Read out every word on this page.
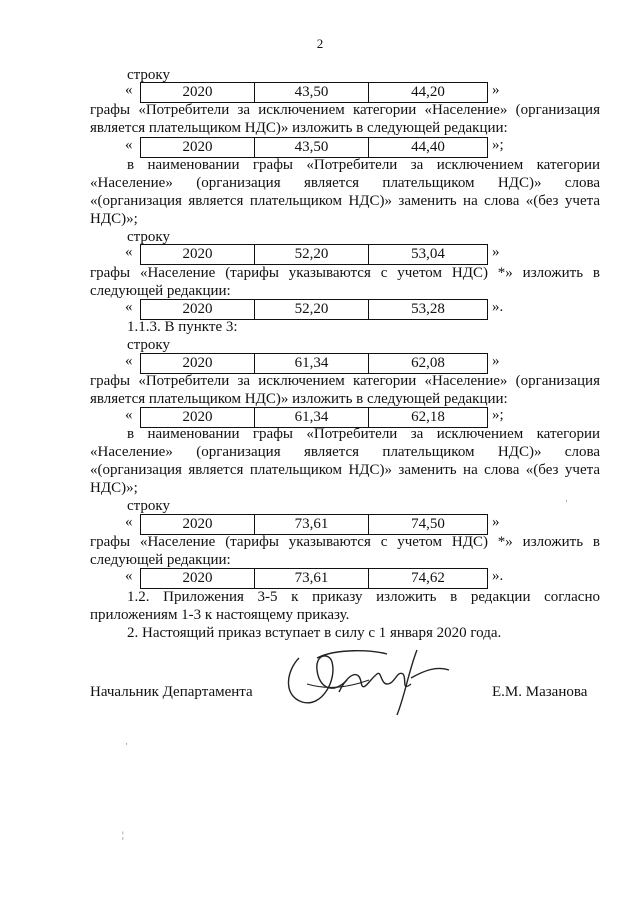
2
строку
«	2020	43,50	44,20	»
графы «Потребители за исключением категории «Население» (организация
является плательщиком НДС)» изложить в следующей редакции:
«	2020	43,50	44,40	»;
в наименовании графы «Потребители за исключением категории
«Население» (организация является плательщиком НДС)» слова
«(организация является плательщиком НДС)» заменить на слова «(без учета
НДС)»;
строку
«	2020	52,20	53,04	»
графы «Население (тарифы указываются с учетом НДС) *» изложить в
следующей редакции:
«	2020	52,20	53,28	».
1.1.3. В пункте 3:
строку
«	2020	61,34	62,08	»
графы «Потребители за исключением категории «Население» (организация
является плательщиком НДС)» изложить в следующей редакции:
«	2020	61,34	62,18	»;
в наименовании графы «Потребители за исключением категории
«Население» (организация является плательщиком НДС)» слова
«(организация является плательщиком НДС)» заменить на слова «(без учета
НДС)»;
строку
«	2020	73,61	74,50	»
графы «Население (тарифы указываются с учетом НДС) *» изложить в
следующей редакции:
«	2020	73,61	74,62	».
1.2. Приложения 3-5 к приказу изложить в редакции согласно
приложениям 1-3 к настоящему приказу.
2. Настоящий приказ вступает в силу с 1 января 2020 года.
Начальник Департамента	Е.М. Мазанова
·
·
¦
